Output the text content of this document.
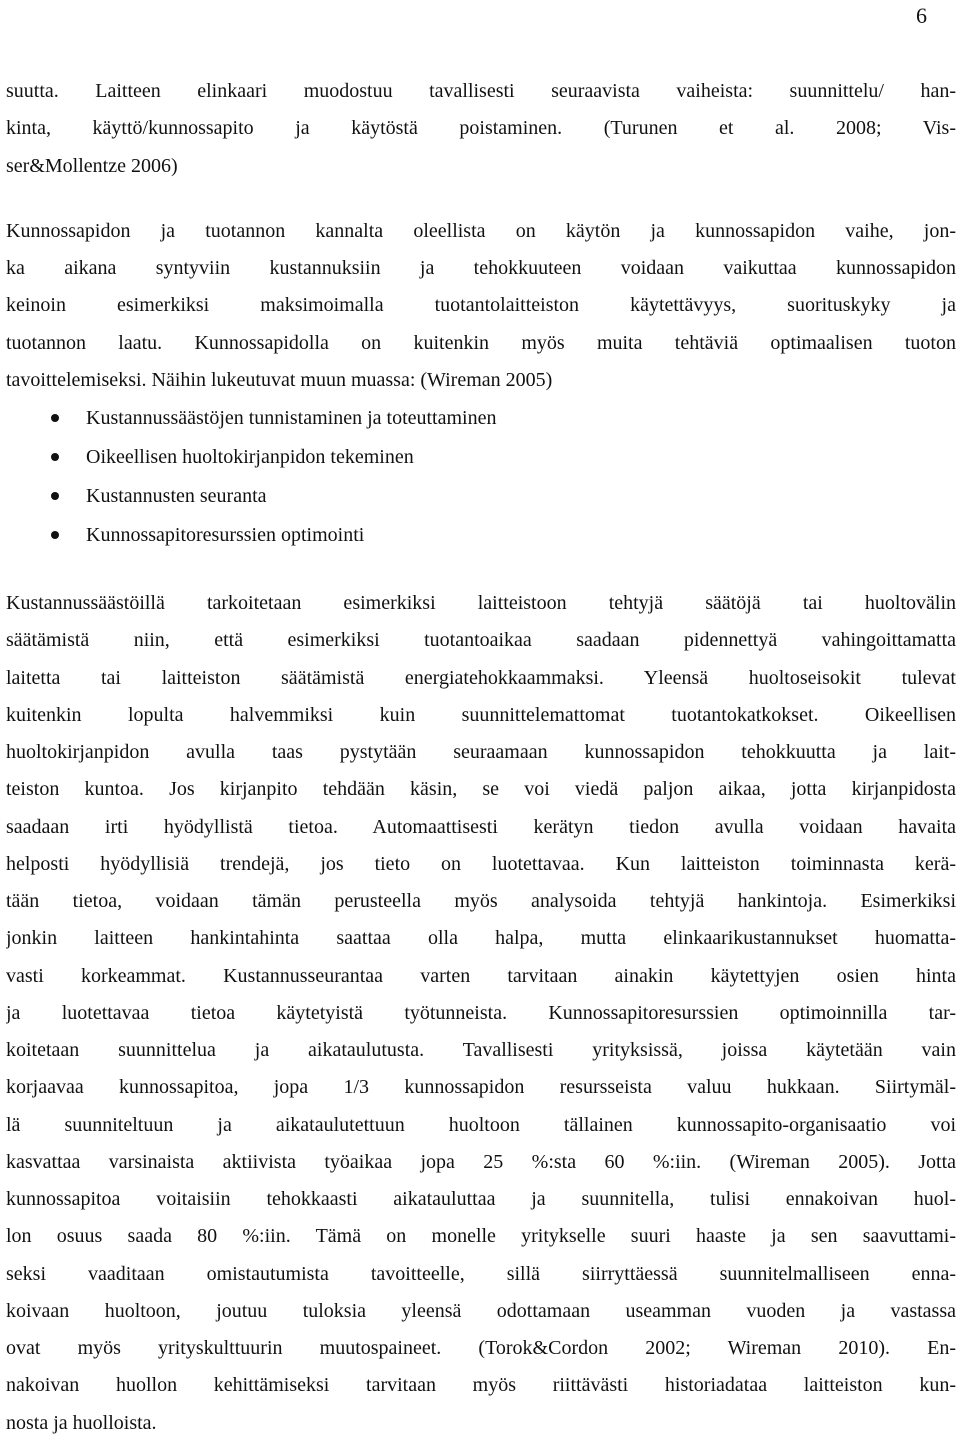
6
suutta. Laitteen elinkaari muodostuu tavallisesti seuraavista vaiheista: suunnittelu/ han-
kinta, käyttö/kunnossapito ja käytöstä poistaminen. (Turunen et al. 2008; Vis-
ser&Mollentze 2006)
Kunnossapidon ja tuotannon kannalta oleellista on käytön ja kunnossapidon vaihe, jon-
ka aikana syntyviin kustannuksiin ja tehokkuuteen voidaan vaikuttaa kunnossapidon
keinoin esimerkiksi maksimoimalla tuotantolaitteiston käytettävyys, suorituskyky ja
tuotannon laatu. Kunnossapidolla on kuitenkin myös muita tehtäviä optimaalisen tuoton
tavoittelemiseksi. Näihin lukeutuvat muun muassa: (Wireman 2005)
Kustannussäästöjen tunnistaminen ja toteuttaminen
Oikeellisen huoltokirjanpidon tekeminen
Kustannusten seuranta
Kunnossapitoresurssien optimointi
Kustannussäästöillä tarkoitetaan esimerkiksi laitteistoon tehtyjä säätöjä tai huoltovälin
säätämistä niin, että esimerkiksi tuotantoaikaa saadaan pidennettyä vahingoittamatta
laitetta tai laitteiston säätämistä energiatehokkaammaksi. Yleensä huoltoseisokit tulevat
kuitenkin lopulta halvemmiksi kuin suunnittelemattomat tuotantokatkokset. Oikeellisen
huoltokirjanpidon avulla taas pystytään seuraamaan kunnossapidon tehokkuutta ja lait-
teiston kuntoa. Jos kirjanpito tehdään käsin, se voi viedä paljon aikaa, jotta kirjanpidosta
saadaan irti hyödyllistä tietoa. Automaattisesti kerätyn tiedon avulla voidaan havaita
helposti hyödyllisiä trendejä, jos tieto on luotettavaa. Kun laitteiston toiminnasta kerä-
tään tietoa, voidaan tämän perusteella myös analysoida tehtyjä hankintoja. Esimerkiksi
jonkin laitteen hankintahinta saattaa olla halpa, mutta elinkaarikustannukset huomatta-
vasti korkeammat. Kustannusseurantaa varten tarvitaan ainakin käytettyjen osien hinta
ja luotettavaa tietoa käytetyistä työtunneista. Kunnossapitoresurssien optimoinnilla tar-
koitetaan suunnittelua ja aikataulutusta. Tavallisesti yrityksissä, joissa käytetään vain
korjaavaa kunnossapitoa, jopa 1/3 kunnossapidon resursseista valuu hukkaan. Siirtymäl-
lä suunniteltuun ja aikataulutettuun huoltoon tällainen kunnossapito-organisaatio voi
kasvattaa varsinaista aktiivista työaikaa jopa 25 %:sta 60 %:iin. (Wireman 2005). Jotta
kunnossapitoa voitaisiin tehokkaasti aikatauluttaa ja suunnitella, tulisi ennakoivan huol-
lon osuus saada 80 %:iin. Tämä on monelle yritykselle suuri haaste ja sen saavuttami-
seksi vaaditaan omistautumista tavoitteelle, sillä siirryttäessä suunnitelmalliseen enna-
koivaan huoltoon, joutuu tuloksia yleensä odottamaan useamman vuoden ja vastassa
ovat myös yrityskulttuurin muutospaineet. (Torok&Cordon 2002; Wireman 2010). En-
nakoivan huollon kehittämiseksi tarvitaan myös riittävästi historiadataa laitteiston kun-
nosta ja huolloista.
